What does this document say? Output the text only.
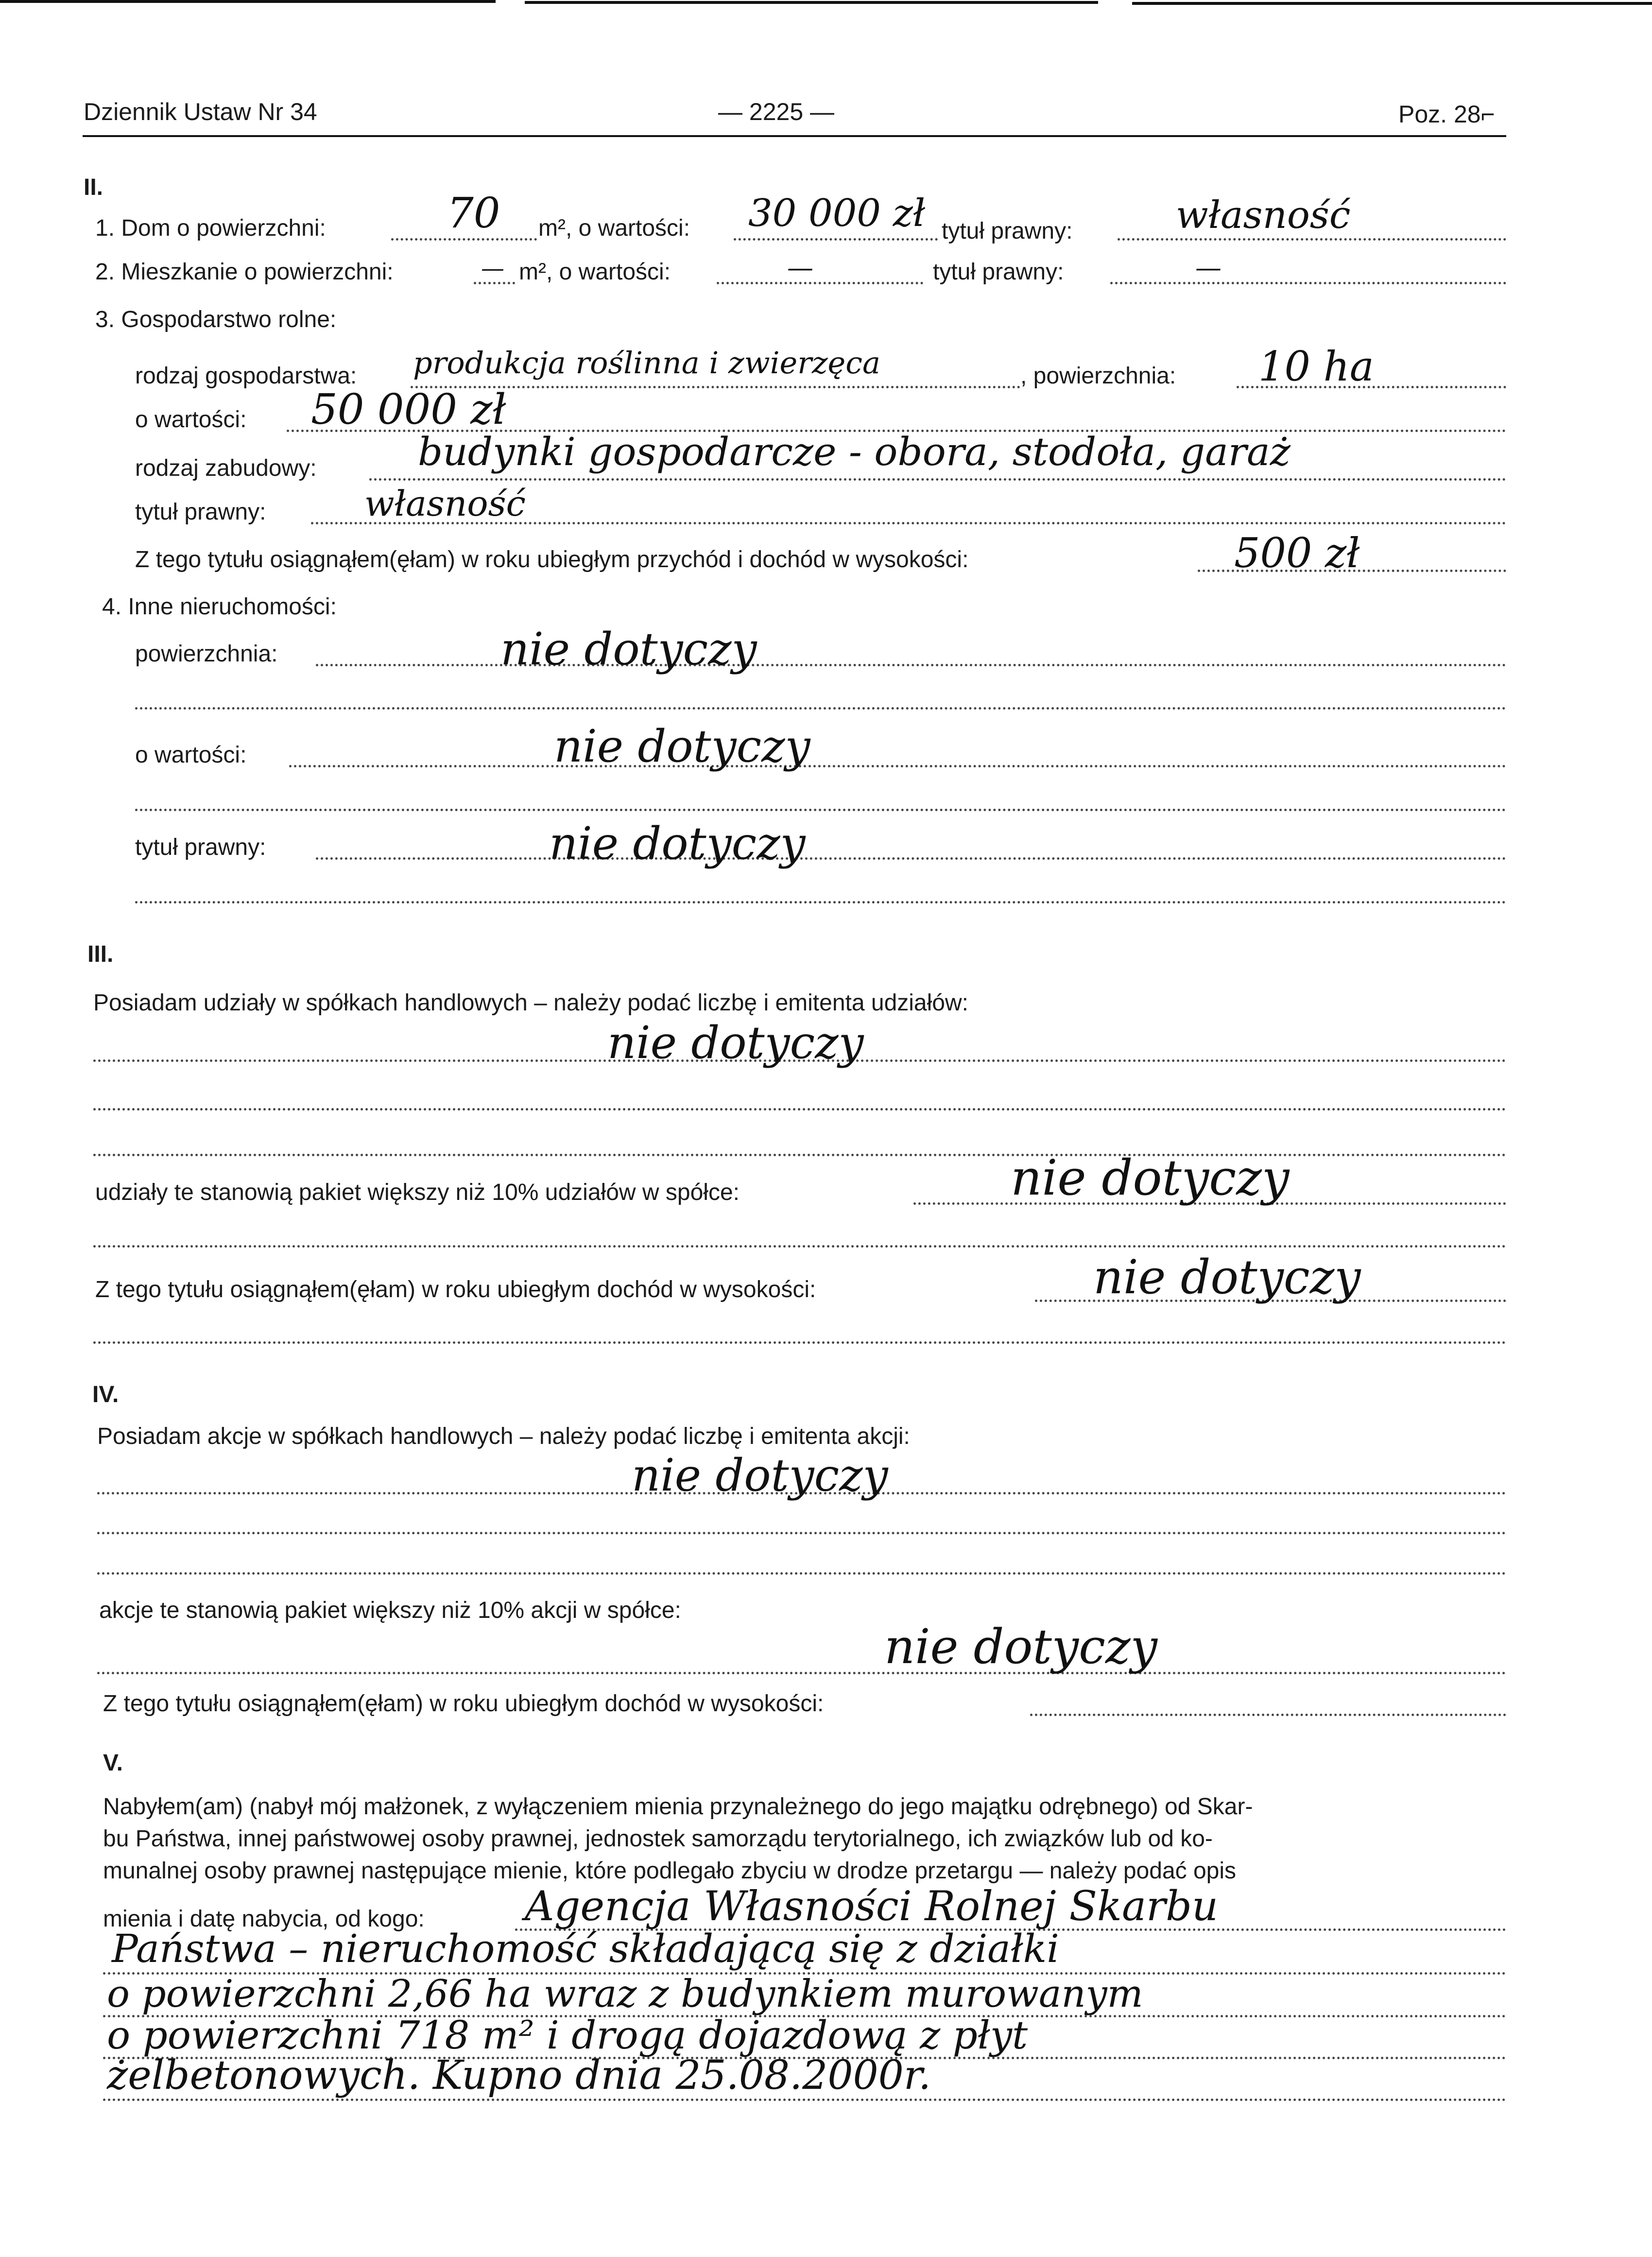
Dziennik Ustaw Nr 34	— 2225 —	Poz. 28⌐
II.
1. Dom o powierzchni:	70 m², o wartości: 30 000 zł tytuł prawny:	własność
2. Mieszkanie o powierzchni:	— m², o wartości:	—	tytuł prawny:	—
3. Gospodarstwo rolne:
rodzaj gospodarstwa: produkcja roślinna i zwierzęca	, powierzchnia: 10 ha
o wartości: 50 000 zł
rodzaj zabudowy:	budynki gospodarcze - obora, stodoła, garaż
tytuł prawny:	własność
Z tego tytułu osiągnąłem(ęłam) w roku ubiegłym przychód i dochód w wysokości:	500 zł
4. Inne nieruchomości:
powierzchnia:	nie dotyczy
o wartości:	nie dotyczy
tytuł prawny:	nie dotyczy
III.
Posiadam udziały w spółkach handlowych – należy podać liczbę i emitenta udziałów:
nie dotyczy
udziały te stanowią pakiet większy niż 10% udziałów w spółce:	nie dotyczy
Z tego tytułu osiągnąłem(ęłam) w roku ubiegłym dochód w wysokości:	nie dotyczy
IV.
Posiadam akcje w spółkach handlowych – należy podać liczbę i emitenta akcji:
nie dotyczy
akcje te stanowią pakiet większy niż 10% akcji w spółce:
nie dotyczy
Z tego tytułu osiągnąłem(ęłam) w roku ubiegłym dochód w wysokości:
V.
Nabyłem(am) (nabył mój małżonek, z wyłączeniem mienia przynależnego do jego majątku odrębnego) od Skar-
bu Państwa, innej państwowej osoby prawnej, jednostek samorządu terytorialnego, ich związków lub od ko-
munalnej osoby prawnej następujące mienie, które podlegało zbyciu w drodze przetargu — należy podać opis
mienia i datę nabycia, od kogo: Agencja Własności Rolnej Skarbu
Państwa – nieruchomość składającą się z działki
o powierzchni 2,66 ha wraz z budynkiem murowanym
o powierzchni 718 m² i drogą dojazdową z płyt
żelbetonowych. Kupno dnia 25.08.2000r.
